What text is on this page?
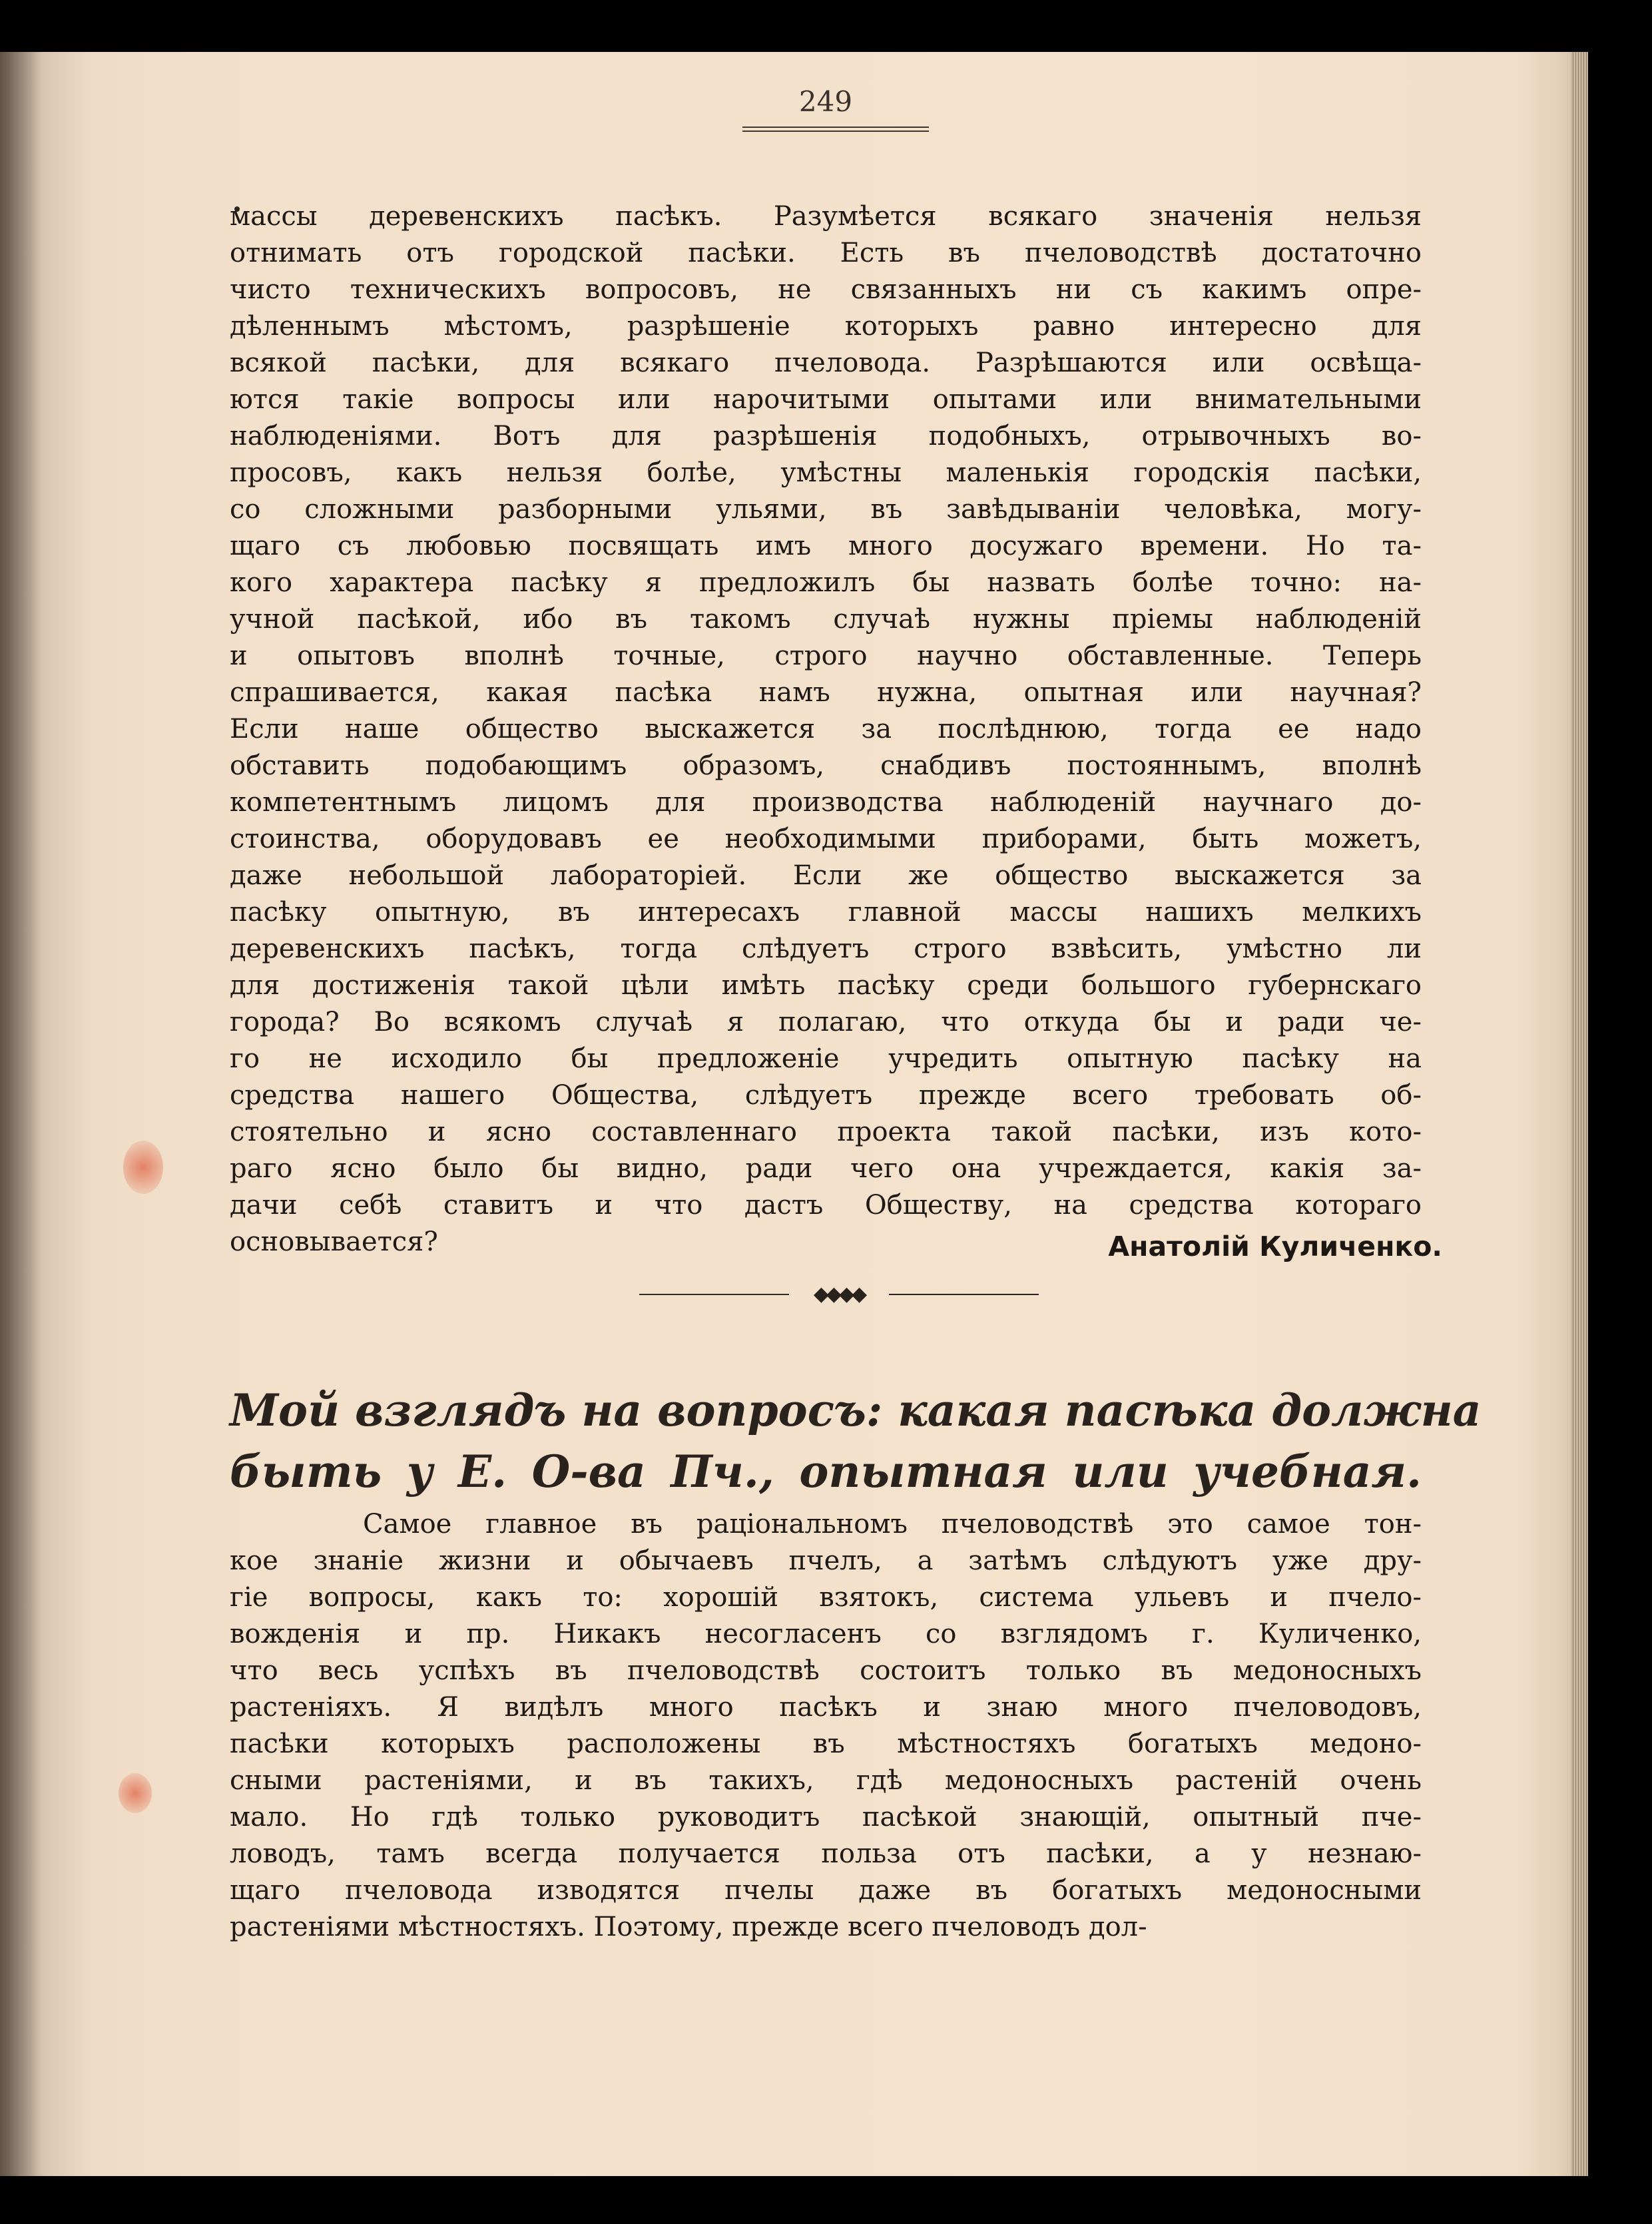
249
массы деревенскихъ пасѣкъ. Разумѣется всякаго значенія нельзя
отнимать отъ городской пасѣки. Есть въ пчеловодствѣ достаточно
чисто техническихъ вопросовъ, не связанныхъ ни съ какимъ опре-
дѣленнымъ мѣстомъ, разрѣшеніе которыхъ равно интересно для
всякой пасѣки, для всякаго пчеловода. Разрѣшаются или освѣща-
ются такіе вопросы или нарочитыми опытами или внимательными
наблюденіями. Вотъ для разрѣшенія подобныхъ, отрывочныхъ во-
просовъ, какъ нельзя болѣе, умѣстны маленькія городскія пасѣки,
со сложными разборными ульями, въ завѣдываніи человѣка, могу-
щаго съ любовью посвящать имъ много досужаго времени. Но та-
кого характера пасѣку я предложилъ бы назвать болѣе точно: на-
учной пасѣкой, ибо въ такомъ случаѣ нужны пріемы наблюденій
и опытовъ вполнѣ точные, строго научно обставленные. Теперь
спрашивается, какая пасѣка намъ нужна, опытная или научная?
Если наше общество выскажется за послѣднюю, тогда ее надо
обставить подобающимъ образомъ, снабдивъ постояннымъ, вполнѣ
компетентнымъ лицомъ для производства наблюденій научнаго до-
стоинства, оборудовавъ ее необходимыми приборами, быть можетъ,
даже небольшой лабораторіей. Если же общество выскажется за
пасѣку опытную, въ интересахъ главной массы нашихъ мелкихъ
деревенскихъ пасѣкъ, тогда слѣдуетъ строго взвѣсить, умѣстно ли
для достиженія такой цѣли имѣть пасѣку среди большого губернскаго
города? Во всякомъ случаѣ я полагаю, что откуда бы и ради че-
го не исходило бы предложеніе учредить опытную пасѣку на
средства нашего Общества, слѣдуетъ прежде всего требовать об-
стоятельно и ясно составленнаго проекта такой пасѣки, изъ кото-
раго ясно было бы видно, ради чего она учреждается, какія за-
дачи себѣ ставитъ и что дастъ Обществу, на средства котораго
основывается?	Анатолій Куличенко.
◆◆◆◆
Мой взглядъ на вопросъ: какая пасѣка должна
быть у Е. О-ва Пч., опытная или учебная.
Самое главное въ раціональномъ пчеловодствѣ это самое тон-
кое знаніе жизни и обычаевъ пчелъ, а затѣмъ слѣдуютъ уже дру-
гіе вопросы, какъ то: хорошій взятокъ, система ульевъ и пчело-
вожденія и пр. Никакъ несогласенъ со взглядомъ г. Куличенко,
что весь успѣхъ въ пчеловодствѣ состоитъ только въ медоносныхъ
растеніяхъ. Я видѣлъ много пасѣкъ и знаю много пчеловодовъ,
пасѣки которыхъ расположены въ мѣстностяхъ богатыхъ медоно-
сными растеніями, и въ такихъ, гдѣ медоносныхъ растеній очень
мало. Но гдѣ только руководитъ пасѣкой знающій, опытный пче-
ловодъ, тамъ всегда получается польза отъ пасѣки, а у незнаю-
щаго пчеловода изводятся пчелы даже въ богатыхъ медоносными
растеніями мѣстностяхъ. Поэтому, прежде всего пчеловодъ дол-
